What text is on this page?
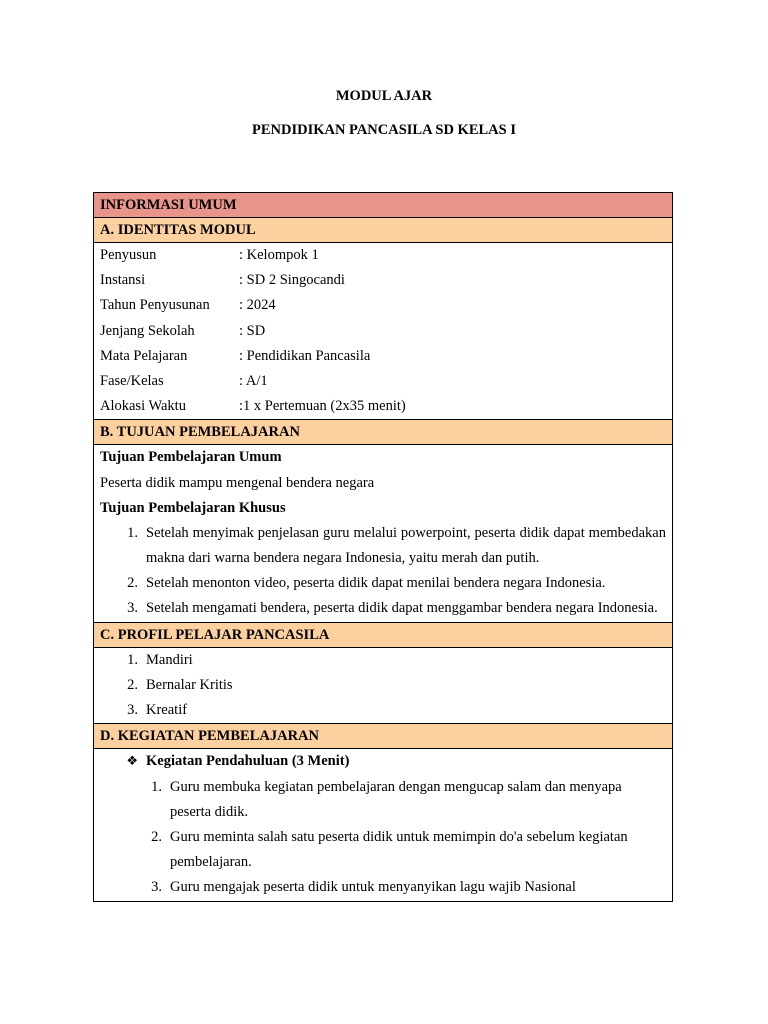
MODUL AJAR
PENDIDIKAN PANCASILA SD KELAS I
INFORMASI UMUM
A. IDENTITAS MODUL
Penyusun	: Kelompok 1
Instansi	: SD 2 Singocandi
Tahun Penyusunan	: 2024
Jenjang Sekolah	: SD
Mata Pelajaran	: Pendidikan Pancasila
Fase/Kelas	: A/1
Alokasi Waktu	:1 x Pertemuan (2x35 menit)
B. TUJUAN PEMBELAJARAN
Tujuan Pembelajaran Umum
Peserta didik mampu mengenal bendera negara
Tujuan Pembelajaran Khusus
1. Setelah menyimak penjelasan guru melalui powerpoint, peserta didik dapat membedakan makna dari warna bendera negara Indonesia, yaitu merah dan putih.
2. Setelah menonton video, peserta didik dapat menilai bendera negara Indonesia.
3. Setelah mengamati bendera, peserta didik dapat menggambar bendera negara Indonesia.
C. PROFIL PELAJAR PANCASILA
1. Mandiri
2. Bernalar Kritis
3. Kreatif
D. KEGIATAN PEMBELAJARAN
❖ Kegiatan Pendahuluan (3 Menit)
1. Guru membuka kegiatan pembelajaran dengan mengucap salam dan menyapa peserta didik.
2. Guru meminta salah satu peserta didik untuk memimpin do'a sebelum kegiatan pembelajaran.
3. Guru mengajak peserta didik untuk menyanyikan lagu wajib Nasional
